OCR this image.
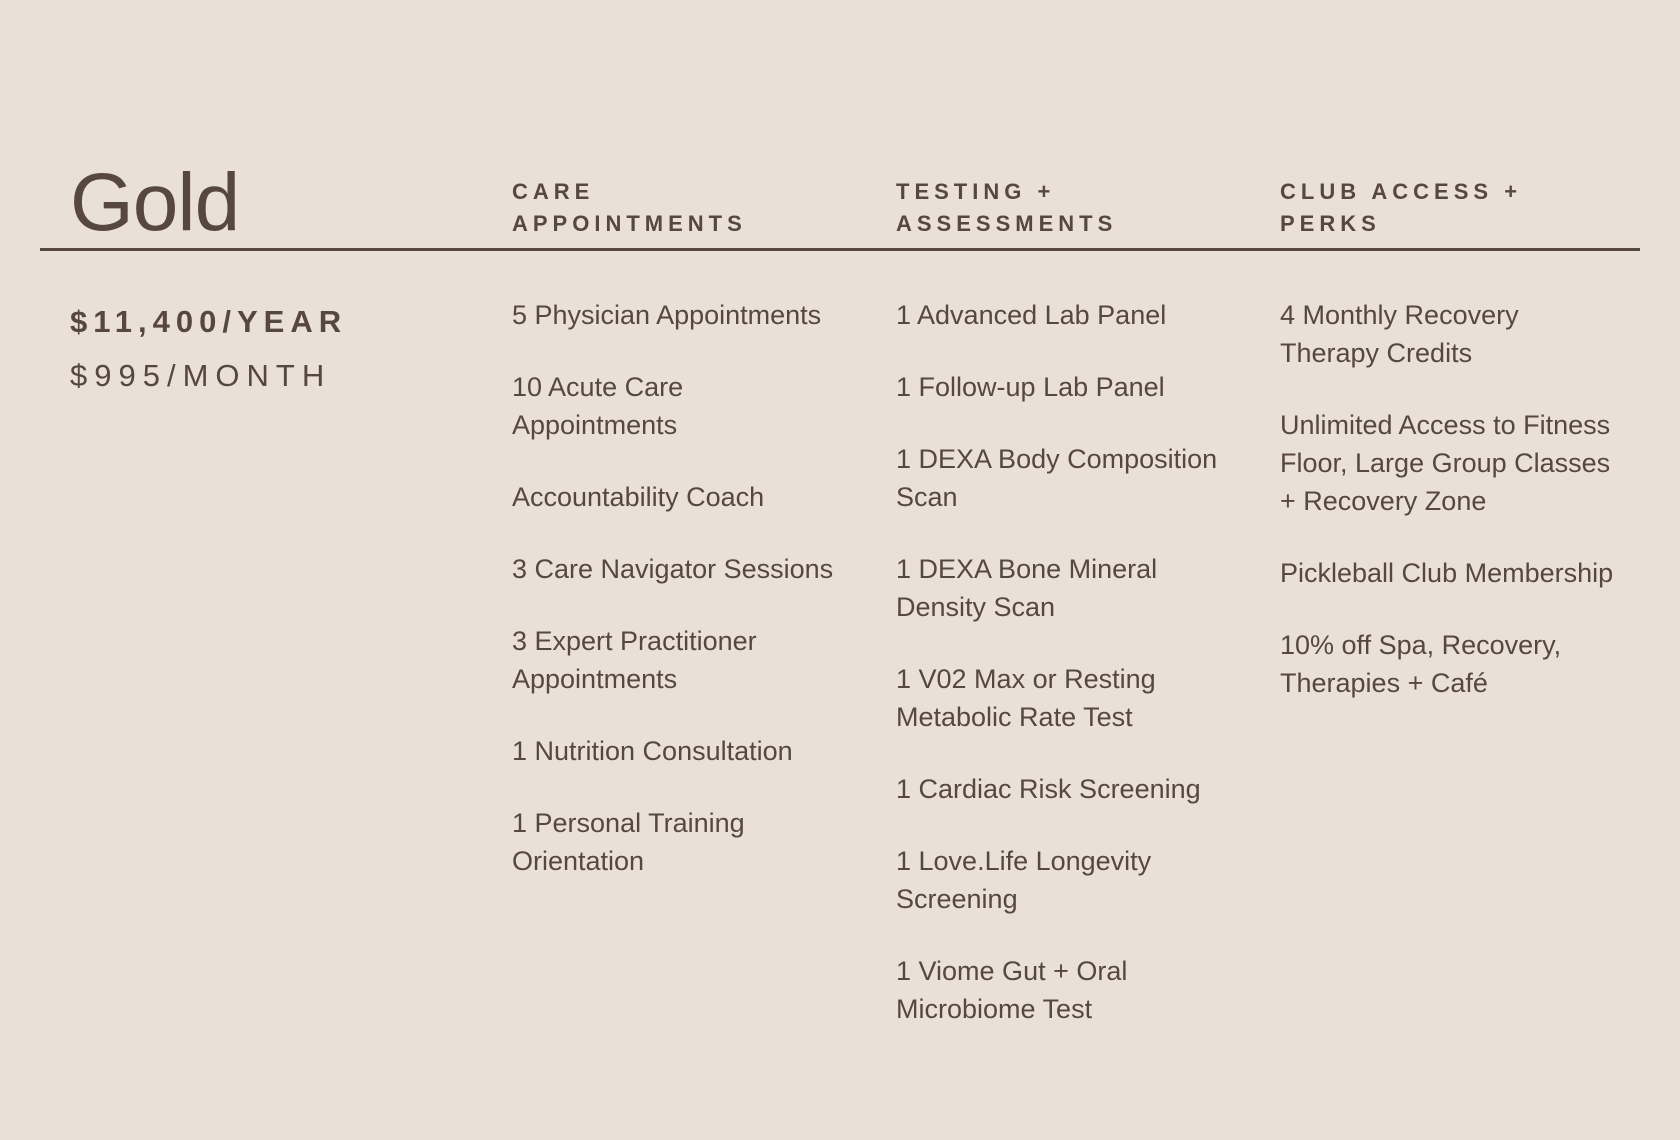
Gold	CARE APPOINTMENTS
TESTING + ASSESSMENTS
CLUB ACCESS + PERKS
$11,400/YEAR
$995/MONTH
5 Physician Appointments
10 Acute Care Appointments
Accountability Coach
3 Care Navigator Sessions
3 Expert Practitioner Appointments
1 Nutrition Consultation
1 Personal Training Orientation
1 Advanced Lab Panel
1 Follow-up Lab Panel
1 DEXA Body Composition Scan
1 DEXA Bone Mineral Density Scan
1 V02 Max or Resting Metabolic Rate Test
1 Cardiac Risk Screening
1 Love.Life Longevity Screening
1 Viome Gut + Oral Microbiome Test
4 Monthly Recovery Therapy Credits
Unlimited Access to Fitness Floor, Large Group Classes + Recovery Zone
Pickleball Club Membership
10% off Spa, Recovery, Therapies + Café
